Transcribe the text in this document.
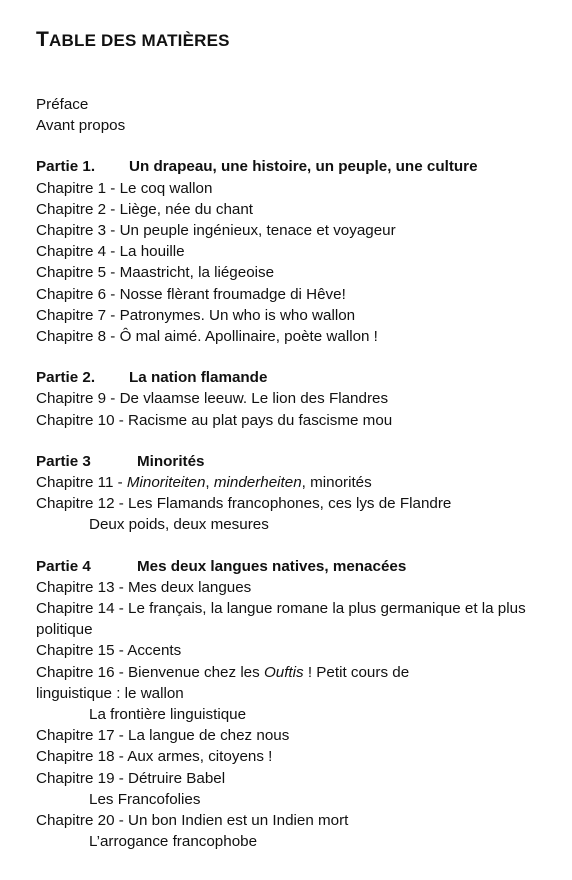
TABLE DES MATIÈRES
Préface
Avant propos
Partie 1. Un drapeau, une histoire, un peuple, une culture
Chapitre 1 - Le coq wallon
Chapitre 2 - Liège, née du chant
Chapitre 3 - Un peuple ingénieux, tenace et voyageur
Chapitre 4 - La houille
Chapitre 5 - Maastricht, la liégeoise
Chapitre 6 - Nosse flèrant froumadge di Hêve!
Chapitre 7 - Patronymes. Un who is who wallon
Chapitre 8 - Ô mal aimé. Apollinaire, poète wallon !
Partie 2. La nation flamande
Chapitre 9 - De vlaamse leeuw. Le lion des Flandres
Chapitre 10 - Racisme au plat pays du fascisme mou
Partie 3	Minorités
Chapitre 11 - Minoriteiten, minderheiten, minorités
Chapitre 12 - Les Flamands francophones, ces lys de Flandre
Deux poids, deux mesures
Partie 4	Mes deux langues natives, menacées
Chapitre 13 - Mes deux langues
Chapitre 14 - Le français, la langue romane la plus germanique et la plus politique
Chapitre 15 - Accents
Chapitre 16 - Bienvenue chez les Ouftis ! Petit cours de linguistique : le wallon
La frontière linguistique
Chapitre 17 - La langue de chez nous
Chapitre 18 - Aux armes, citoyens !
Chapitre 19 - Détruire Babel
Les Francofolies
Chapitre 20 - Un bon Indien est un Indien mort
L’arrogance francophobe
